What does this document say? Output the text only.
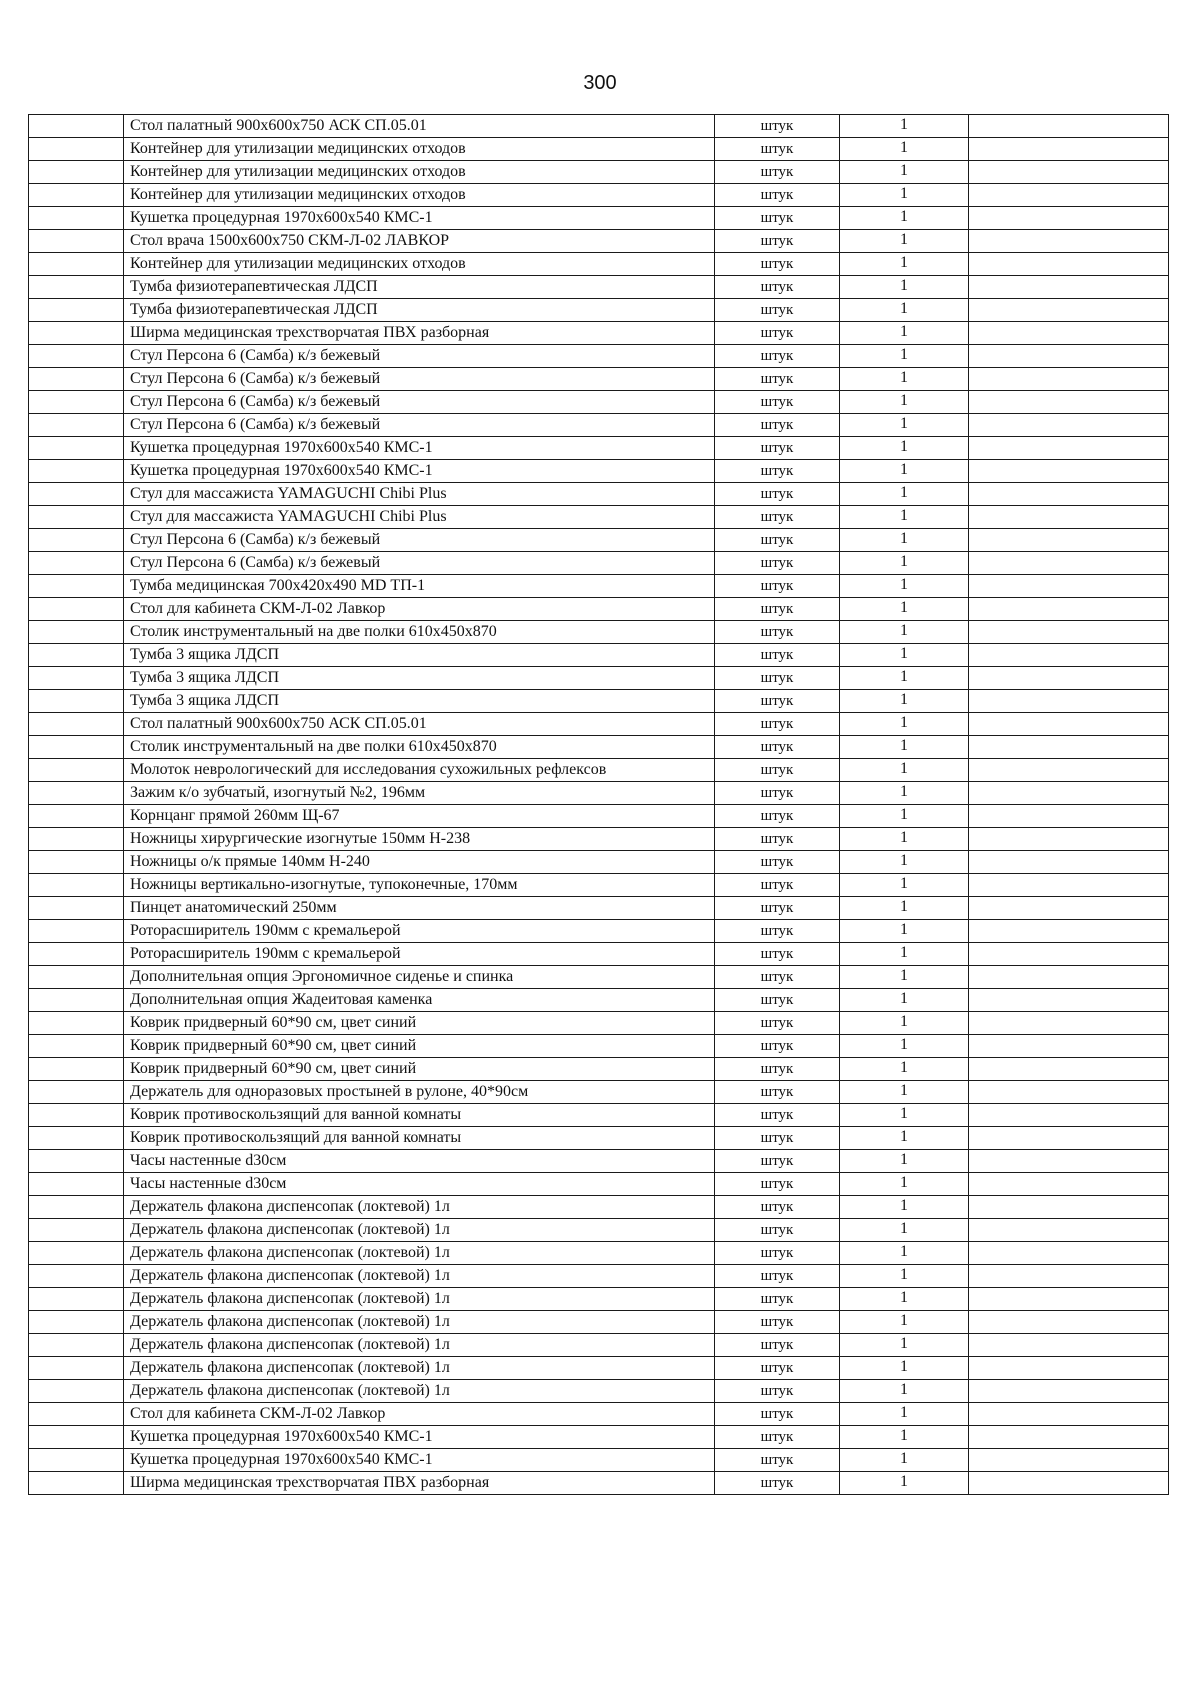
300
	Стол палатный 900х600х750 АСК СП.05.01	штук	1	
	Контейнер для утилизации медицинских отходов	штук	1	
	Контейнер для утилизации медицинских отходов	штук	1	
	Контейнер для утилизации медицинских отходов	штук	1	
	Кушетка процедурная 1970х600х540 КМС-1	штук	1	
	Стол врача 1500х600х750 СКМ-Л-02 ЛАВКОР	штук	1	
	Контейнер для утилизации медицинских отходов	штук	1	
	Тумба физиотерапевтическая ЛДСП	штук	1	
	Тумба физиотерапевтическая ЛДСП	штук	1	
	Ширма медицинская трехстворчатая ПВХ разборная	штук	1	
	Стул Персона 6 (Самба) к/з бежевый	штук	1	
	Стул Персона 6 (Самба) к/з бежевый	штук	1	
	Стул Персона 6 (Самба) к/з бежевый	штук	1	
	Стул Персона 6 (Самба) к/з бежевый	штук	1	
	Кушетка процедурная 1970х600х540 КМС-1	штук	1	
	Кушетка процедурная 1970х600х540 КМС-1	штук	1	
	Стул для массажиста YAMAGUCHI Chibi Plus	штук	1	
	Стул для массажиста YAMAGUCHI Chibi Plus	штук	1	
	Стул Персона 6 (Самба) к/з бежевый	штук	1	
	Стул Персона 6 (Самба) к/з бежевый	штук	1	
	Тумба медицинская 700х420х490 MD ТП-1	штук	1	
	Стол для кабинета СКМ-Л-02 Лавкор	штук	1	
	Столик инструментальный на две полки 610х450х870	штук	1	
	Тумба 3 ящика ЛДСП	штук	1	
	Тумба 3 ящика ЛДСП	штук	1	
	Тумба 3 ящика ЛДСП	штук	1	
	Стол палатный 900х600х750 АСК СП.05.01	штук	1	
	Столик инструментальный на две полки 610х450х870	штук	1	
	Молоток неврологический для исследования сухожильных рефлексов	штук	1	
	Зажим к/о зубчатый, изогнутый №2, 196мм	штук	1	
	Корнцанг прямой 260мм Щ-67	штук	1	
	Ножницы хирургические изогнутые 150мм Н-238	штук	1	
	Ножницы о/к прямые 140мм Н-240	штук	1	
	Ножницы вертикально-изогнутые, тупоконечные, 170мм	штук	1	
	Пинцет анатомический 250мм	штук	1	
	Роторасширитель 190мм с кремальерой	штук	1	
	Роторасширитель 190мм с кремальерой	штук	1	
	Дополнительная опция Эргономичное сиденье и спинка	штук	1	
	Дополнительная опция Жадеитовая каменка	штук	1	
	Коврик придверный 60*90 см, цвет синий	штук	1	
	Коврик придверный 60*90 см, цвет синий	штук	1	
	Коврик придверный 60*90 см, цвет синий	штук	1	
	Держатель для одноразовых простыней в рулоне, 40*90см	штук	1	
	Коврик противоскользящий для ванной комнаты	штук	1	
	Коврик противоскользящий для ванной комнаты	штук	1	
	Часы настенные d30см	штук	1	
	Часы настенные d30см	штук	1	
	Держатель флакона диспенсопак (локтевой) 1л	штук	1	
	Держатель флакона диспенсопак (локтевой) 1л	штук	1	
	Держатель флакона диспенсопак (локтевой) 1л	штук	1	
	Держатель флакона диспенсопак (локтевой) 1л	штук	1	
	Держатель флакона диспенсопак (локтевой) 1л	штук	1	
	Держатель флакона диспенсопак (локтевой) 1л	штук	1	
	Держатель флакона диспенсопак (локтевой) 1л	штук	1	
	Держатель флакона диспенсопак (локтевой) 1л	штук	1	
	Держатель флакона диспенсопак (локтевой) 1л	штук	1	
	Стол для кабинета СКМ-Л-02 Лавкор	штук	1	
	Кушетка процедурная 1970х600х540 КМС-1	штук	1	
	Кушетка процедурная 1970х600х540 КМС-1	штук	1	
	Ширма медицинская трехстворчатая ПВХ разборная	штук	1	
